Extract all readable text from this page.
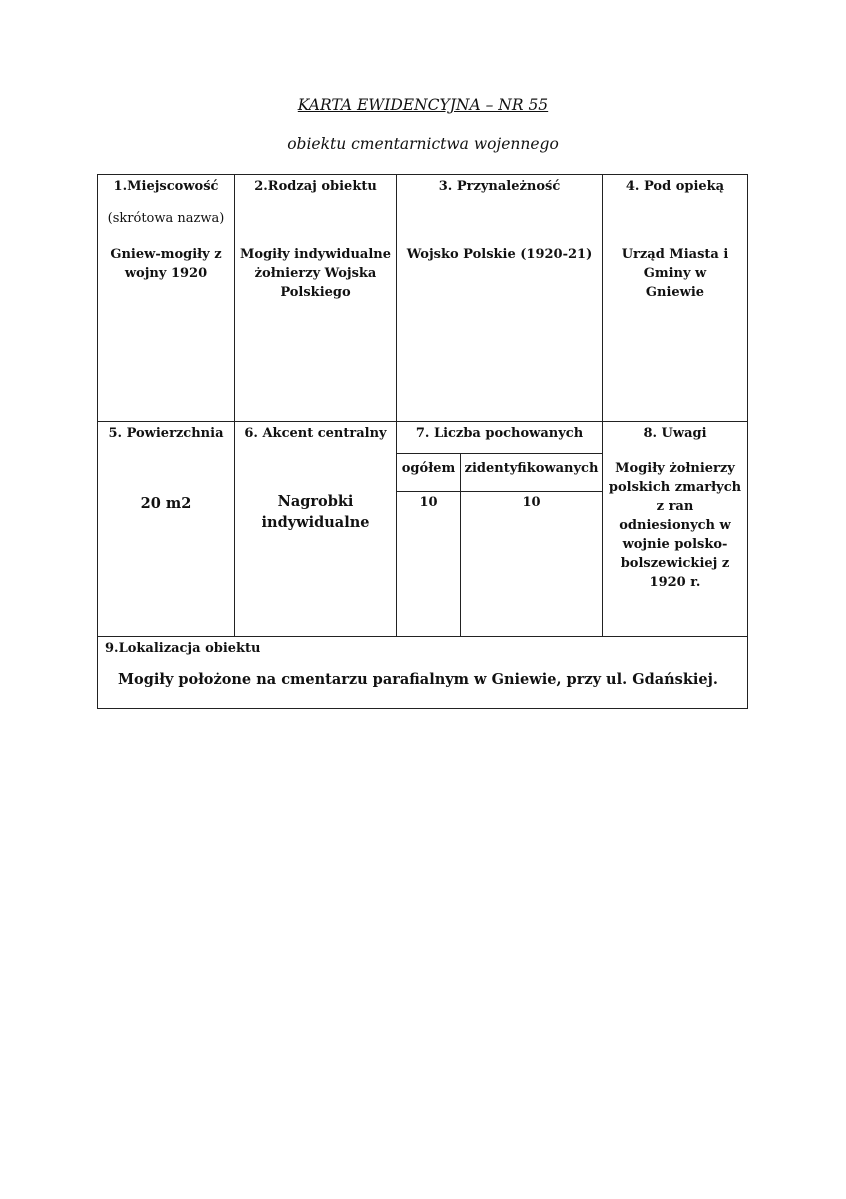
KARTA EWIDENCYJNA – NR 55
obiektu cmentarnictwa wojennego
1.Miejscowość
(skrótowa nazwa)
Gniew-mogiły z wojny 1920
2.Rodzaj obiektu
Mogiły indywidualne żołnierzy Wojska Polskiego
3. Przynależność
Wojsko Polskie (1920-21)
4. Pod opieką
Urząd Miasta i Gminy w Gniewie
5. Powierzchnia
20 m2
6. Akcent centralny
Nagrobki indywidualne
7. Liczba pochowanych
ogółem zidentyfikowanych
10	10
8. Uwagi
Mogiły żołnierzy polskich zmarłych z ran odniesionych w wojnie polsko-bolszewickiej z 1920 r.
9.Lokalizacja obiektu
Mogiły położone na cmentarzu parafialnym w Gniewie, przy ul. Gdańskiej.
